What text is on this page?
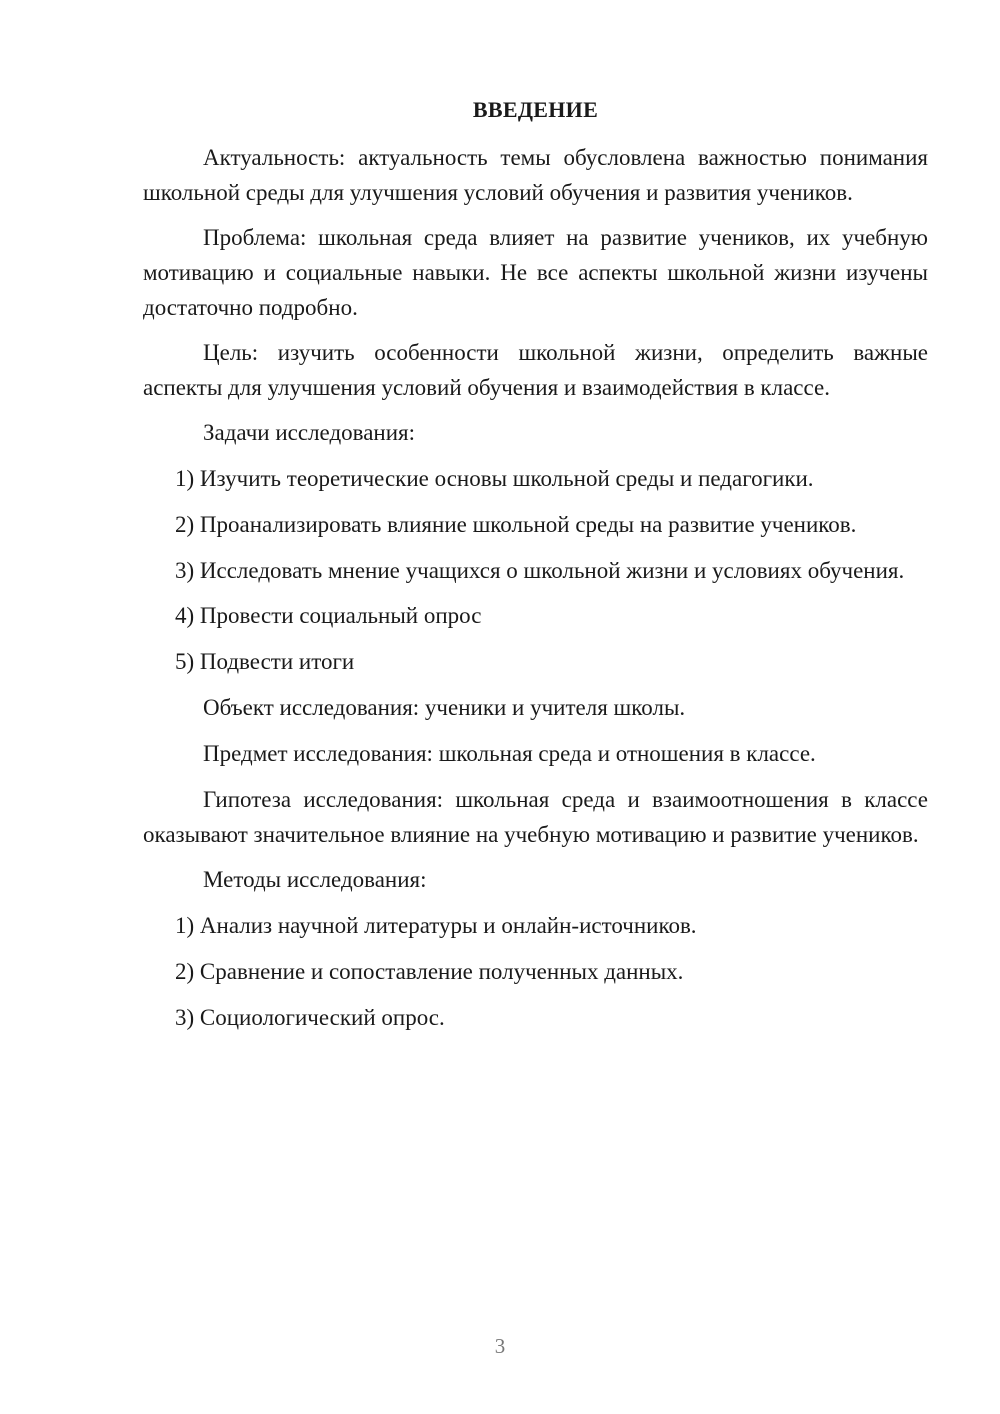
ВВЕДЕНИЕ

Актуальность: актуальность темы обусловлена важностью понимания школьной среды для улучшения условий обучения и развития учеников.

Проблема: школьная среда влияет на развитие учеников, их учебную мотивацию и социальные навыки. Не все аспекты школьной жизни изучены достаточно подробно.

Цель: изучить особенности школьной жизни, определить важные аспекты для улучшения условий обучения и взаимодействия в классе.

Задачи исследования:

1) Изучить теоретические основы школьной среды и педагогики.

2) Проанализировать влияние школьной среды на развитие учеников.

3) Исследовать мнение учащихся о школьной жизни и условиях обучения.

4) Провести социальный опрос

5) Подвести итоги

Объект исследования: ученики и учителя школы.

Предмет исследования: школьная среда и отношения в классе.

Гипотеза исследования: школьная среда и взаимоотношения в классе оказывают значительное влияние на учебную мотивацию и развитие учеников.

Методы исследования:

1) Анализ научной литературы и онлайн-источников.

2) Сравнение и сопоставление полученных данных.

3) Социологический опрос.

3
